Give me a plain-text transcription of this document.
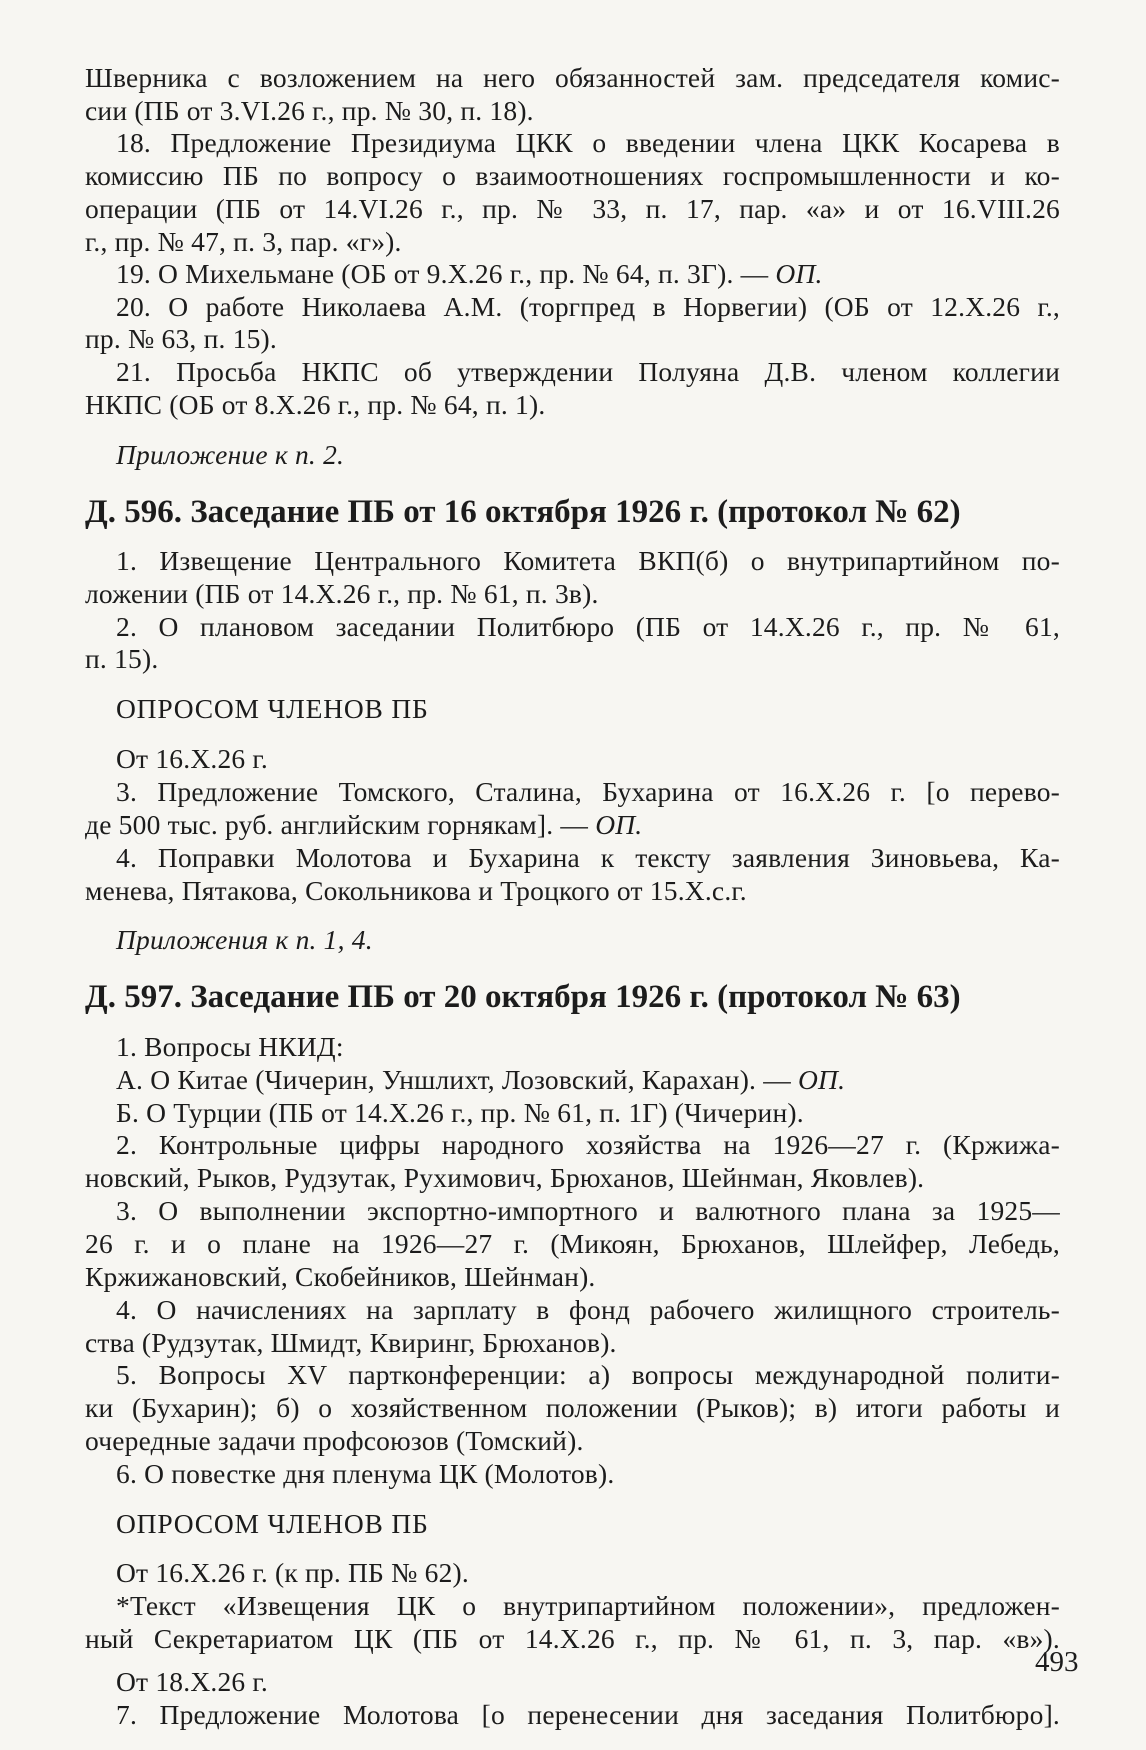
Шверника с возложением на него обязанностей зам. председателя комис-
сии (ПБ от 3.VI.26 г., пр. № 30, п. 18).
18. Предложение Президиума ЦКК о введении члена ЦКК Косарева в
комиссию ПБ по вопросу о взаимоотношениях госпромышленности и ко-
операции (ПБ от 14.VI.26 г., пр. № 33, п. 17, пар. «а» и от 16.VIII.26
г., пр. № 47, п. 3, пар. «г»).
19. О Михельмане (ОБ от 9.X.26 г., пр. № 64, п. 3Г). — ОП.
20. О работе Николаева А.М. (торгпред в Норвегии) (ОБ от 12.X.26 г.,
пр. № 63, п. 15).
21. Просьба НКПС об утверждении Полуяна Д.В. членом коллегии
НКПС (ОБ от 8.X.26 г., пр. № 64, п. 1).
Приложение к п. 2.
Д. 596. Заседание ПБ от 16 октября 1926 г. (протокол № 62)
1. Извещение Центрального Комитета ВКП(б) о внутрипартийном по-
ложении (ПБ от 14.X.26 г., пр. № 61, п. 3в).
2. О плановом заседании Политбюро (ПБ от 14.X.26 г., пр. № 61,
п. 15).
ОПРОСОМ ЧЛЕНОВ ПБ
От 16.X.26 г.
3. Предложение Томского, Сталина, Бухарина от 16.X.26 г. [о перево-
де 500 тыс. руб. английским горнякам]. — ОП.
4. Поправки Молотова и Бухарина к тексту заявления Зиновьева, Ка-
менева, Пятакова, Сокольникова и Троцкого от 15.X.с.г.
Приложения к п. 1, 4.
Д. 597. Заседание ПБ от 20 октября 1926 г. (протокол № 63)
1. Вопросы НКИД:
А. О Китае (Чичерин, Уншлихт, Лозовский, Карахан). — ОП.
Б. О Турции (ПБ от 14.X.26 г., пр. № 61, п. 1Г) (Чичерин).
2. Контрольные цифры народного хозяйства на 1926—27 г. (Кржижа-
новский, Рыков, Рудзутак, Рухимович, Брюханов, Шейнман, Яковлев).
3. О выполнении экспортно-импортного и валютного плана за 1925—
26 г. и о плане на 1926—27 г. (Микоян, Брюханов, Шлейфер, Лебедь,
Кржижановский, Скобейников, Шейнман).
4. О начислениях на зарплату в фонд рабочего жилищного строитель-
ства (Рудзутак, Шмидт, Квиринг, Брюханов).
5. Вопросы XV партконференции: а) вопросы международной полити-
ки (Бухарин); б) о хозяйственном положении (Рыков); в) итоги работы и
очередные задачи профсоюзов (Томский).
6. О повестке дня пленума ЦК (Молотов).
ОПРОСОМ ЧЛЕНОВ ПБ
От 16.X.26 г. (к пр. ПБ № 62).
*Текст «Извещения ЦК о внутрипартийном положении», предложен-
ный Секретариатом ЦК (ПБ от 14.X.26 г., пр. № 61, п. 3, пар. «в»).
От 18.X.26 г.
7. Предложение Молотова [о перенесении дня заседания Политбюро].
493
